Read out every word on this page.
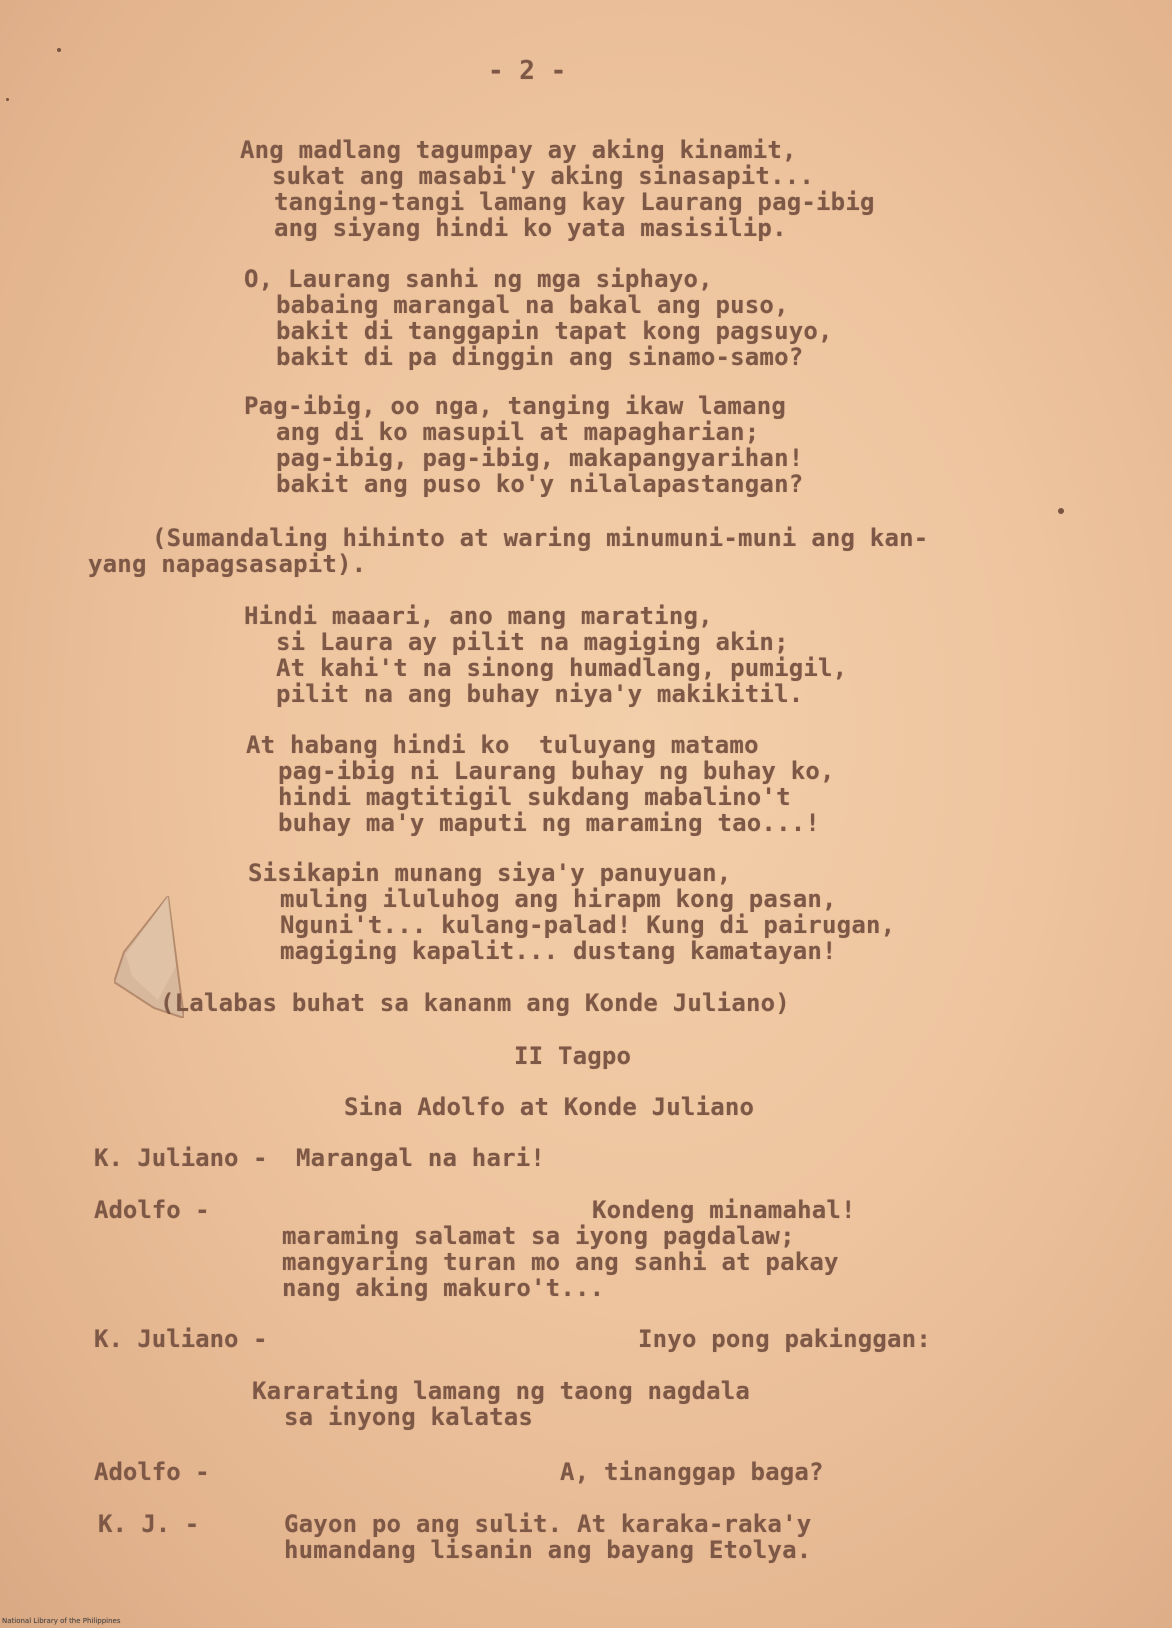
- 2 -
Ang madlang tagumpay ay aking kinamit,
sukat ang masabi'y aking sinasapit...
tanging-tangi lamang kay Laurang pag-ibig
ang siyang hindi ko yata masisilip.
O, Laurang sanhi ng mga siphayo,
babaing marangal na bakal ang puso,
bakit di tanggapin tapat kong pagsuyo,
bakit di pa dinggin ang sinamo-samo?
Pag-ibig, oo nga, tanging ikaw lamang
ang di ko masupil at mapagharian;
pag-ibig, pag-ibig, makapangyarihan!
bakit ang puso ko'y nilalapastangan?
(Sumandaling hihinto at waring minumuni-muni ang kan-
yang napagsasapit).
Hindi maaari, ano mang marating,
si Laura ay pilit na magiging akin;
At kahi't na sinong humadlang, pumigil,
pilit na ang buhay niya'y makikitil.
At habang hindi ko  tuluyang matamo
pag-ibig ni Laurang buhay ng buhay ko,
hindi magtitigil sukdang mabalino't
buhay ma'y maputi ng maraming tao...!
Sisikapin munang siya'y panuyuan,
muling iluluhog ang hirapm kong pasan,
Nguni't... kulang-palad! Kung di pairugan,
magiging kapalit... dustang kamatayan!
(Lalabas buhat sa kananm ang Konde Juliano)
II Tagpo
Sina Adolfo at Konde Juliano
K. Juliano - Marangal na hari!
Adolfo -	Kondeng minamahal!
maraming salamat sa iyong pagdalaw;
mangyaring turan mo ang sanhi at pakay
nang aking makuro't...
K. Juliano -	Inyo pong pakinggan:
Kararating lamang ng taong nagdala
sa inyong kalatas
Adolfo -	A, tinanggap baga?
K. J. -	Gayon po ang sulit. At karaka-raka'y
humandang lisanin ang bayang Etolya.
National Library of the Philippines
